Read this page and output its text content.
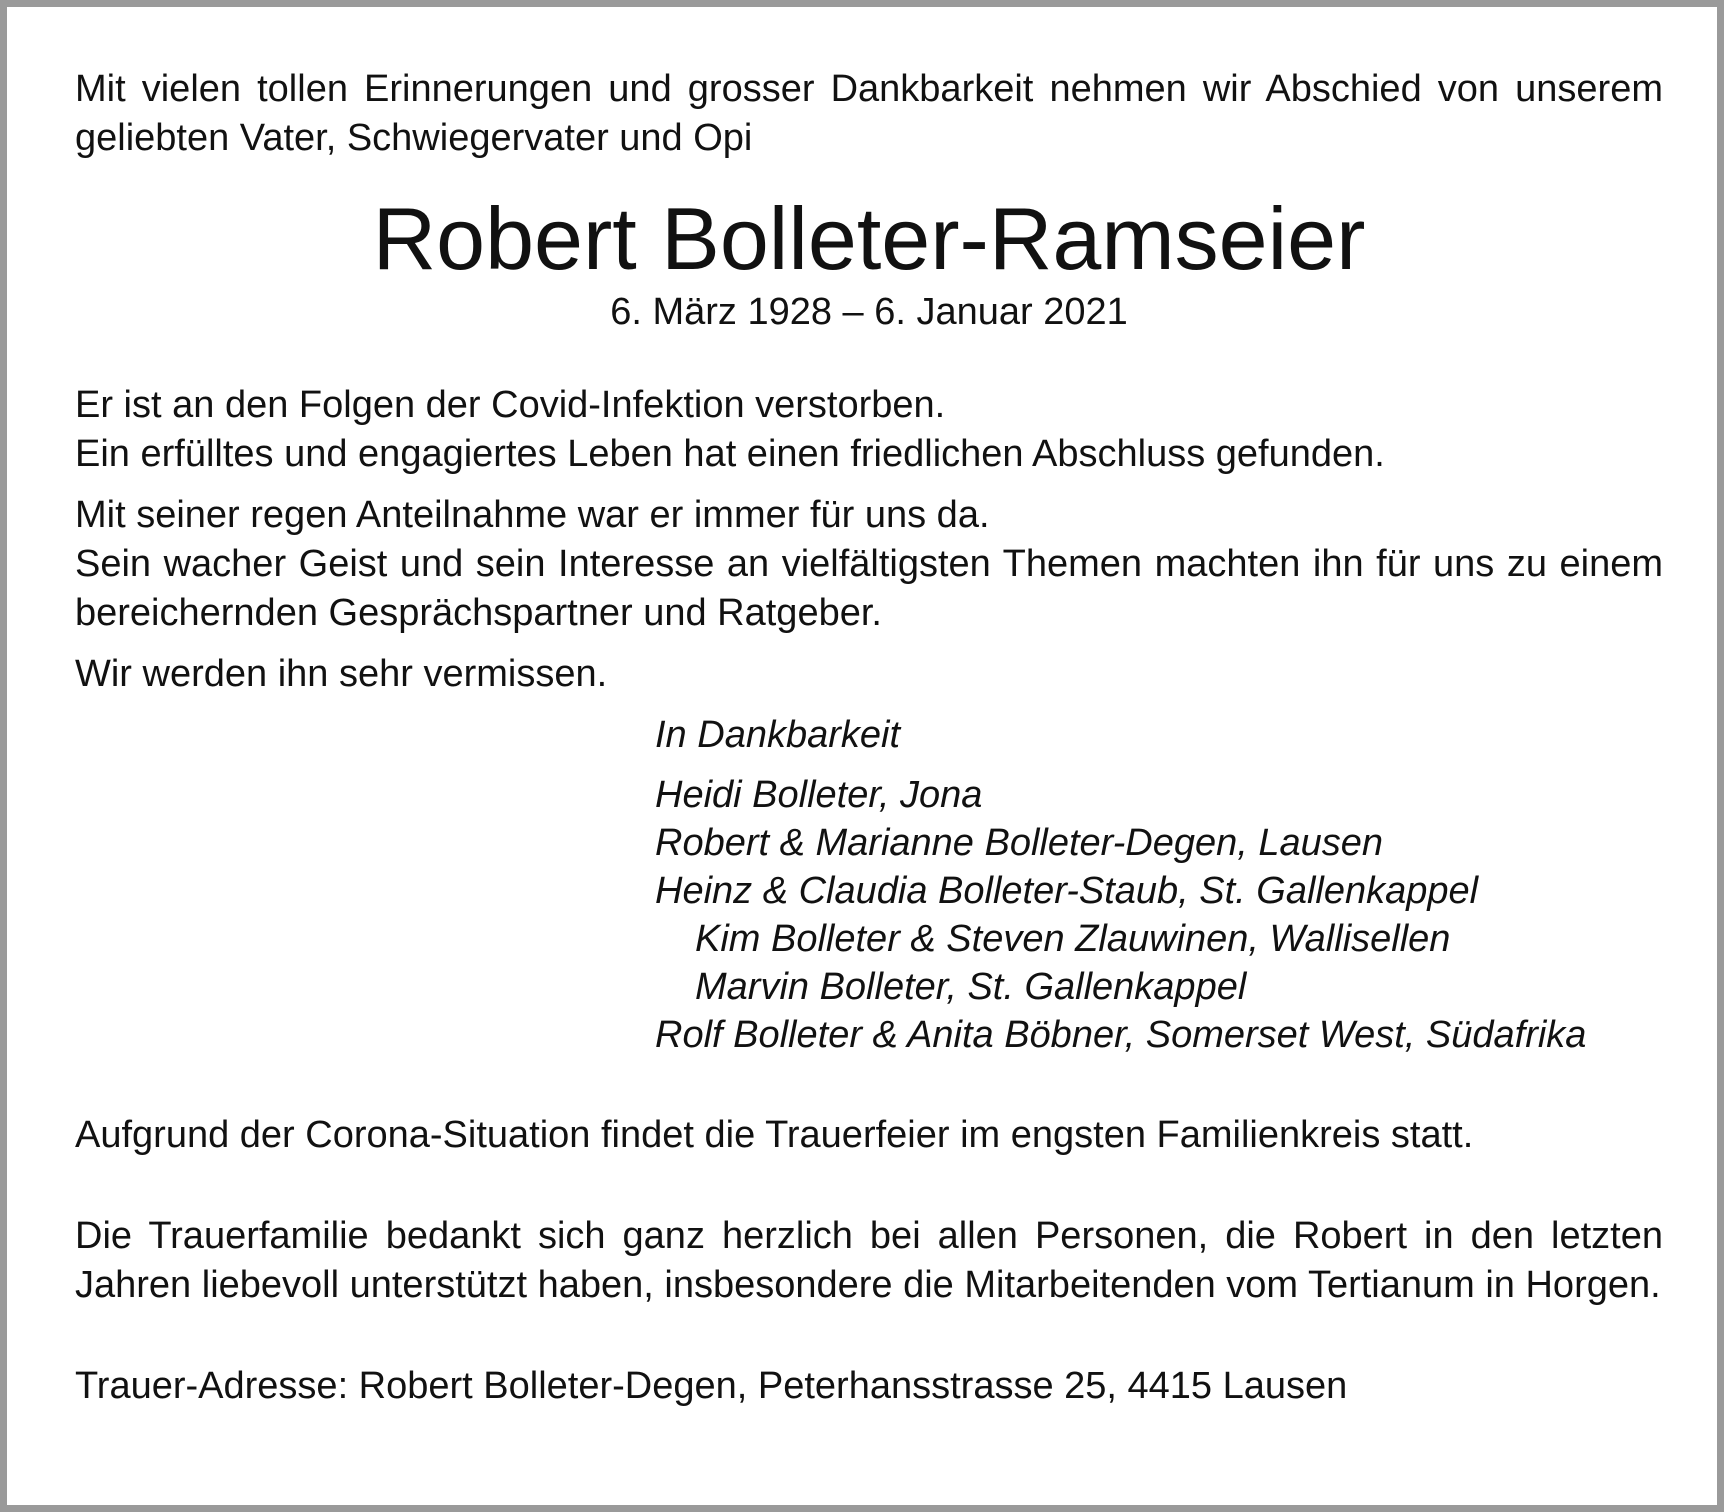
Mit vielen tollen Erinnerungen und grosser Dankbarkeit nehmen wir Abschied von unserem geliebten Vater, Schwiegervater und Opi

Robert Bolleter-Ramseier

6. März 1928 – 6. Januar 2021

Er ist an den Folgen der Covid-Infektion verstorben.

Ein erfülltes und engagiertes Leben hat einen friedlichen Abschluss gefunden.

Mit seiner regen Anteilnahme war er immer für uns da.

Sein wacher Geist und sein Interesse an vielfältigsten Themen machten ihn für uns zu einem bereichernden Gesprächspartner und Ratgeber.

Wir werden ihn sehr vermissen.

In Dankbarkeit

Heidi Bolleter, Jona

Robert & Marianne Bolleter-Degen, Lausen

Heinz & Claudia Bolleter-Staub, St. Gallenkappel

Kim Bolleter & Steven Zlauwinen, Wallisellen

Marvin Bolleter, St. Gallenkappel

Rolf Bolleter & Anita Böbner, Somerset West, Südafrika

Aufgrund der Corona-Situation findet die Trauerfeier im engsten Familienkreis statt.

Die Trauerfamilie bedankt sich ganz herzlich bei allen Personen, die Robert in den letzten Jahren liebevoll unterstützt haben, insbesondere die Mitarbeitenden vom Tertianum in Horgen.

Trauer-Adresse: Robert Bolleter-Degen, Peterhansstrasse 25, 4415 Lausen
